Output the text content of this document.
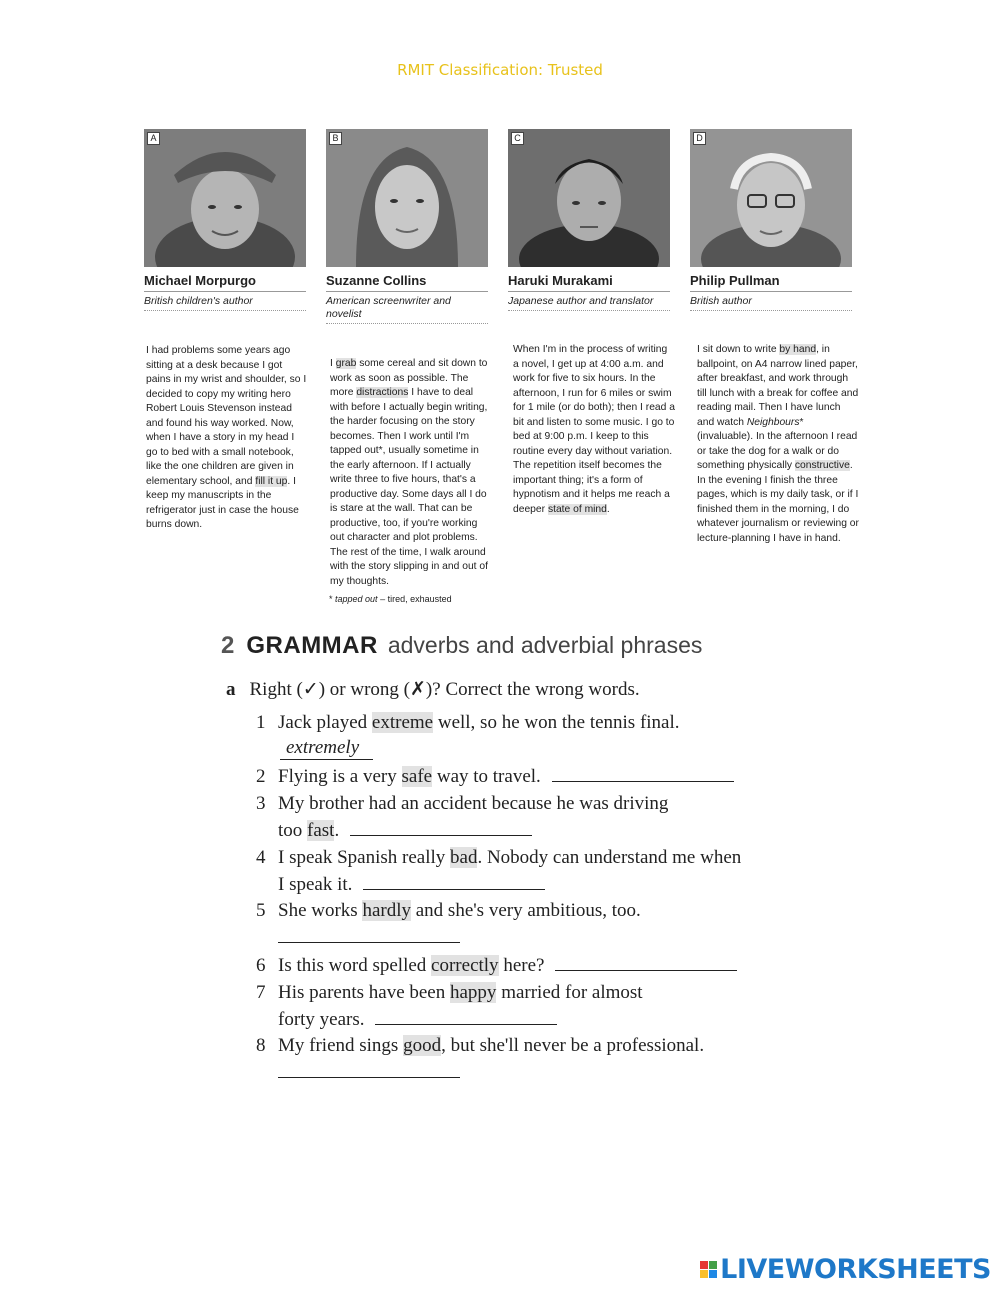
RMIT Classification: Trusted
A
Michael Morpurgo
British children's author
B
Suzanne Collins
American screenwriter and novelist
C
Haruki Murakami
Japanese author and translator
D
Philip Pullman
British author
I had problems some years ago sitting at a desk because I got pains in my wrist and shoulder, so I decided to copy my writing hero Robert Louis Stevenson instead and found his way worked. Now, when I have a story in my head I go to bed with a small notebook, like the one children are given in elementary school, and fill it up. I keep my manuscripts in the refrigerator just in case the house burns down.
I grab some cereal and sit down to work as soon as possible. The more distractions I have to deal with before I actually begin writing, the harder focusing on the story becomes. Then I work until I'm tapped out*, usually sometime in the early afternoon. If I actually write three to five hours, that's a productive day. Some days all I do is stare at the wall. That can be productive, too, if you're working out character and plot problems. The rest of the time, I walk around with the story slipping in and out of my thoughts.
When I'm in the process of writing a novel, I get up at 4:00 a.m. and work for five to six hours. In the afternoon, I run for 6 miles or swim for 1 mile (or do both); then I read a bit and listen to some music. I go to bed at 9:00 p.m. I keep to this routine every day without variation. The repetition itself becomes the important thing; it's a form of hypnotism and it helps me reach a deeper state of mind.
I sit down to write by hand, in ballpoint, on A4 narrow lined paper, after breakfast, and work through till lunch with a break for coffee and reading mail. Then I have lunch and watch Neighbours* (invaluable). In the afternoon I read or take the dog for a walk or do something physically constructive. In the evening I finish the three pages, which is my daily task, or if I finished them in the morning, I do whatever journalism or reviewing or lecture-planning I have in hand.
* tapped out – tired, exhausted
2 GRAMMAR adverbs and adverbial phrases
a Right (✓) or wrong (✗)? Correct the wrong words.
1 Jack played extreme well, so he won the tennis final.
extremely
2 Flying is a very safe way to travel.
3 My brother had an accident because he was driving
too fast.
4 I speak Spanish really bad. Nobody can understand me when
I speak it.
5 She works hardly and she's very ambitious, too.

6 Is this word spelled correctly here?
7 His parents have been happy married for almost
forty years.
8 My friend sings good, but she'll never be a professional.

LIVEWORKSHEETS
